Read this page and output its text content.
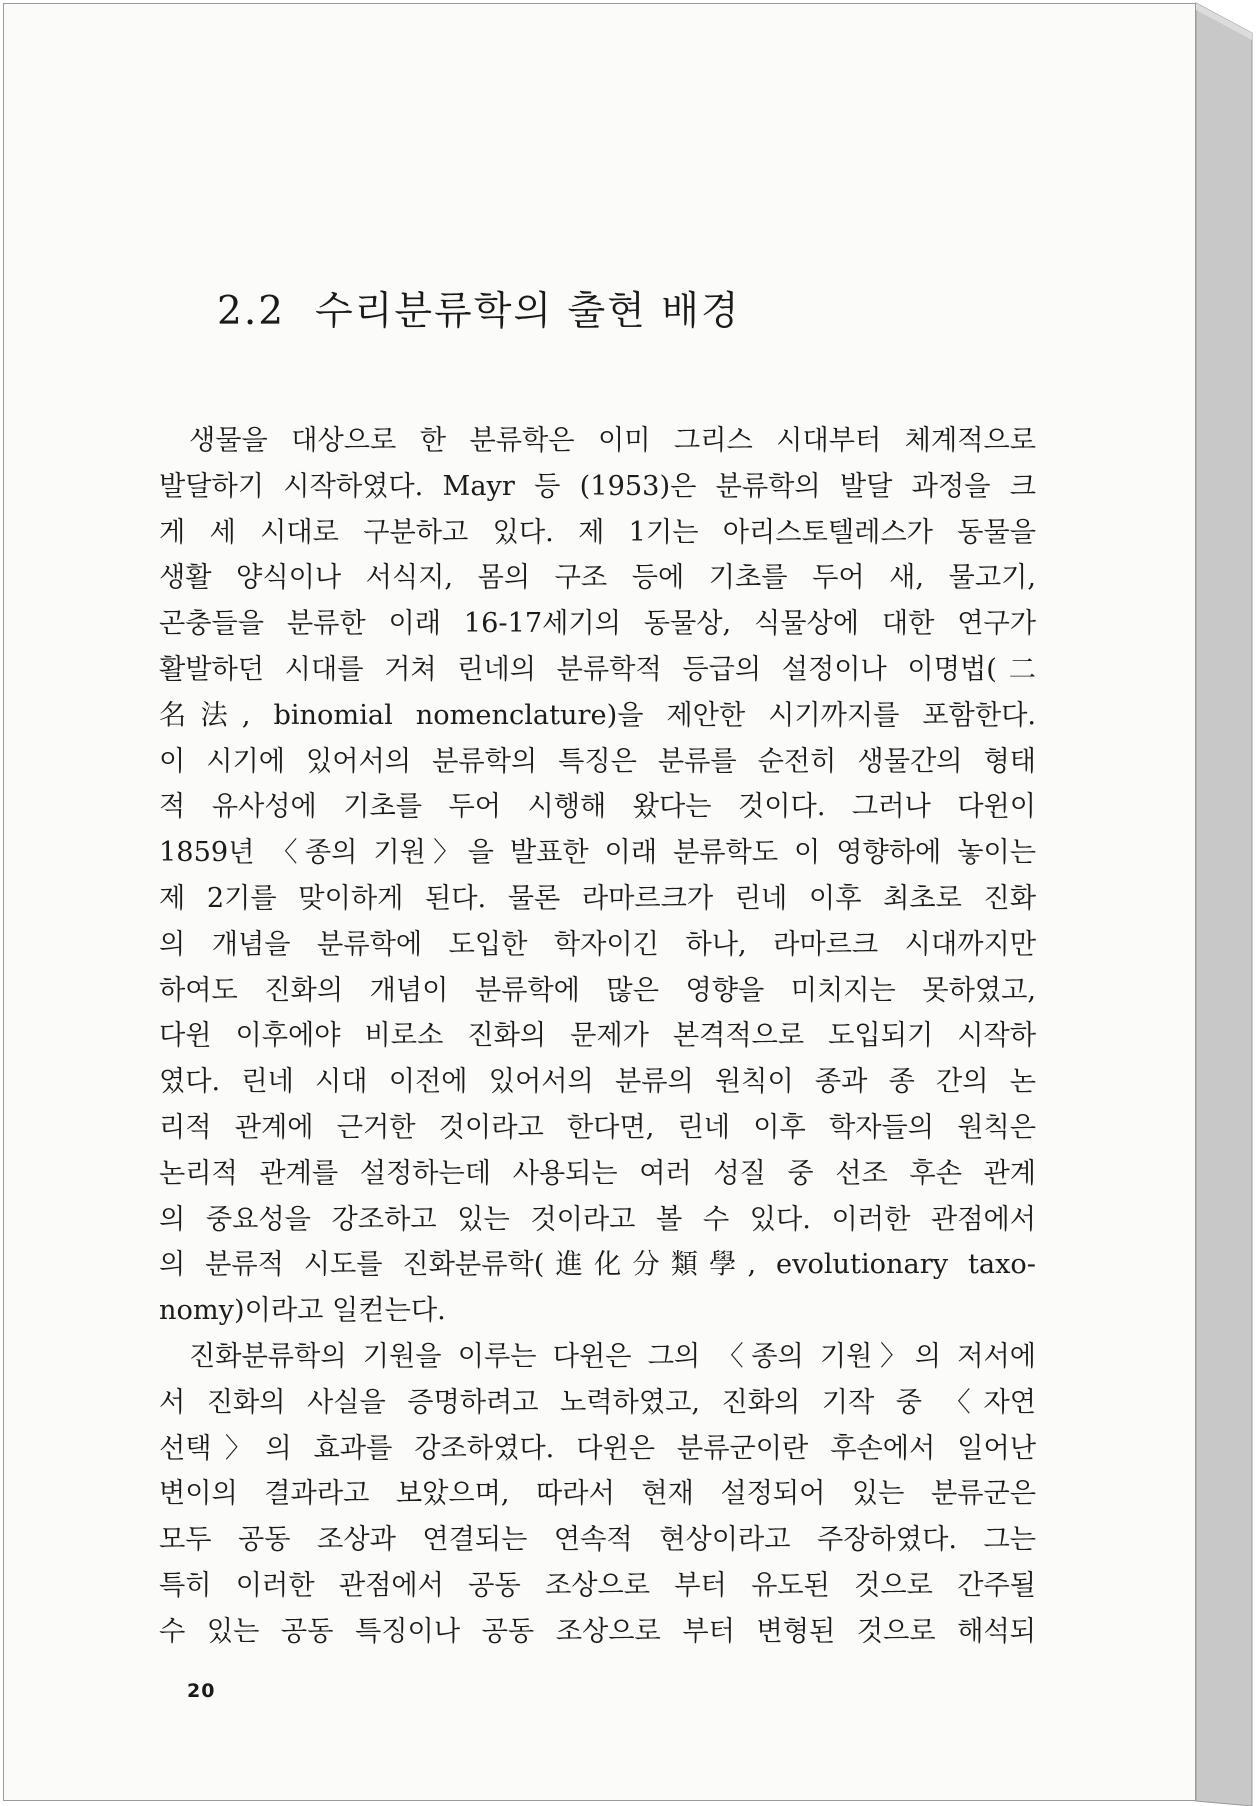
2.2 수리분류학의 출현 배경
생물을 대상으로 한 분류학은 이미 그리스 시대부터 체계적으로
발달하기 시작하였다. Mayr 등 (1953)은 분류학의 발달 과정을 크
게 세 시대로 구분하고 있다. 제 1기는 아리스토텔레스가 동물을
생활 양식이나 서식지, 몸의 구조 등에 기초를 두어 새, 물고기,
곤충들을 분류한 이래 16-17세기의 동물상, 식물상에 대한 연구가
활발하던 시대를 거쳐 린네의 분류학적 등급의 설정이나 이명법(二
名法, binomial nomenclature)을 제안한 시기까지를 포함한다.
이 시기에 있어서의 분류학의 특징은 분류를 순전히 생물간의 형태
적 유사성에 기초를 두어 시행해 왔다는 것이다. 그러나 다윈이
1859년 〈종의 기원〉을 발표한 이래 분류학도 이 영향하에 놓이는
제 2기를 맞이하게 된다. 물론 라마르크가 린네 이후 최초로 진화
의 개념을 분류학에 도입한 학자이긴 하나, 라마르크 시대까지만
하여도 진화의 개념이 분류학에 많은 영향을 미치지는 못하였고,
다윈 이후에야 비로소 진화의 문제가 본격적으로 도입되기 시작하
였다. 린네 시대 이전에 있어서의 분류의 원칙이 종과 종 간의 논
리적 관계에 근거한 것이라고 한다면, 린네 이후 학자들의 원칙은
논리적 관계를 설정하는데 사용되는 여러 성질 중 선조 후손 관계
의 중요성을 강조하고 있는 것이라고 볼 수 있다. 이러한 관점에서
의 분류적 시도를 진화분류학(進化分類學, evolutionary taxo-
nomy)이라고 일컫는다.
진화분류학의 기원을 이루는 다윈은 그의 〈종의 기원〉의 저서에
서 진화의 사실을 증명하려고 노력하였고, 진화의 기작 중 〈자연
선택〉의 효과를 강조하였다. 다윈은 분류군이란 후손에서 일어난
변이의 결과라고 보았으며, 따라서 현재 설정되어 있는 분류군은
모두 공동 조상과 연결되는 연속적 현상이라고 주장하였다. 그는
특히 이러한 관점에서 공동 조상으로 부터 유도된 것으로 간주될
수 있는 공동 특징이나 공동 조상으로 부터 변형된 것으로 해석되
20
